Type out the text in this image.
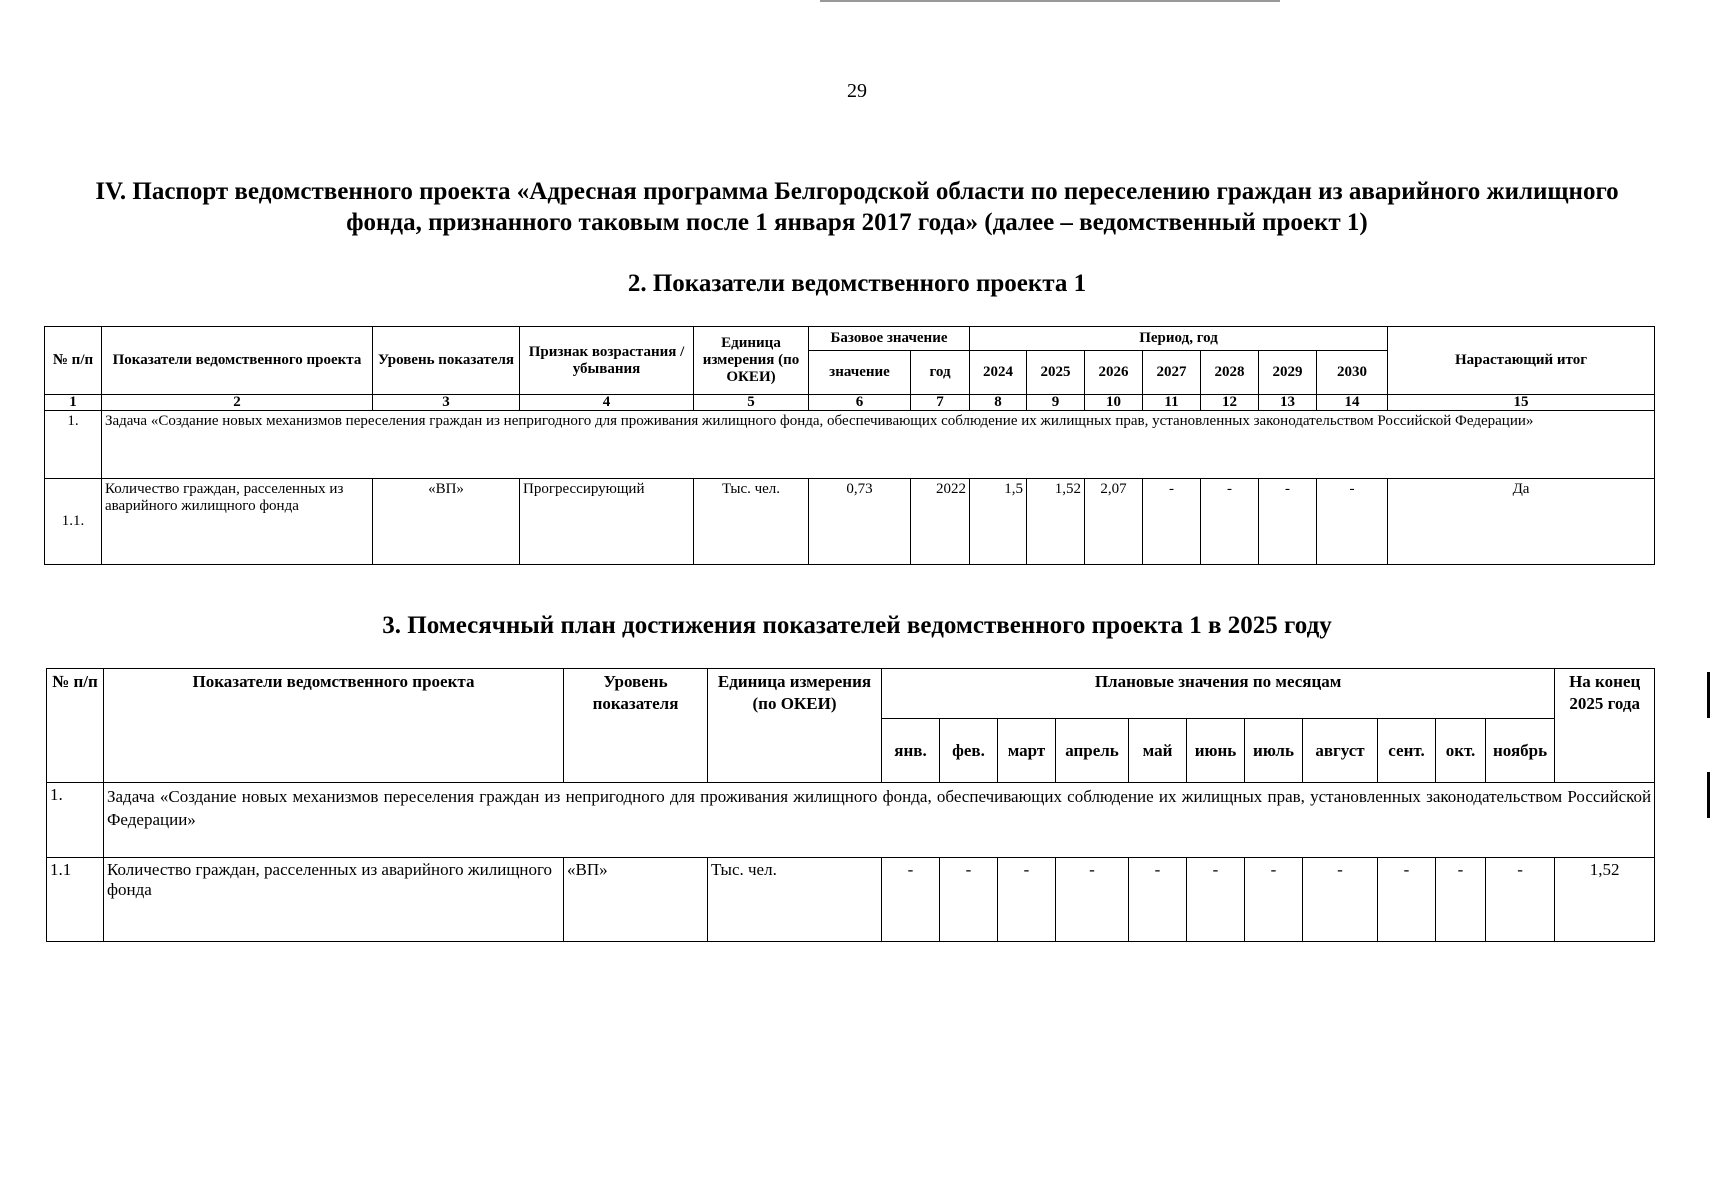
29
IV. Паспорт ведомственного проекта «Адресная программа Белгородской области по переселению граждан из аварийного жилищного фонда, признанного таковым после 1 января 2017 года» (далее – ведомственный проект 1)
2. Показатели ведомственного проекта 1
№ п/п	Показатели ведомственного проекта	Уровень показателя	Признак возрастания / убывания	Единица измерения (по ОКЕИ)	Базовое значение		Период, год							Нарастающий итог
					значение	год	2024	2025	2026	2027	2028	2029	2030	
1	2	3	4	5	6	7	8	9	10	11	12	13	14	15
1.	Задача «Создание новых механизмов переселения граждан из непригодного для проживания жилищного фонда, обеспечивающих соблюдение их жилищных прав, установленных законодательством Российской Федерации»													
1.1.	Количество граждан, расселенных из аварийного жилищного фонда	«ВП»	Прогрессирующий	Тыс. чел.	0,73	2022	1,5	1,52	2,07	-	-	-	-	Да
3. Помесячный план достижения показателей ведомственного проекта 1 в 2025 году
№ п/п	Показатели ведомственного проекта	Уровень показателя	Единица измерения (по ОКЕИ)	Плановые значения по месяцам											На конец 2025 года
				янв.	фев.	март	апрель	май	июнь	июль	август	сент.	окт.	ноябрь	
1.	Задача «Создание новых механизмов переселения граждан из непригодного для проживания жилищного фонда, обеспечивающих соблюдение их жилищных прав, установленных законодательством Российской Федерации»														
1.1	Количество граждан, расселенных из аварийного жилищного фонда	«ВП»	Тыс. чел.	-	-	-	-	-	-	-	-	-	-	-	1,52
